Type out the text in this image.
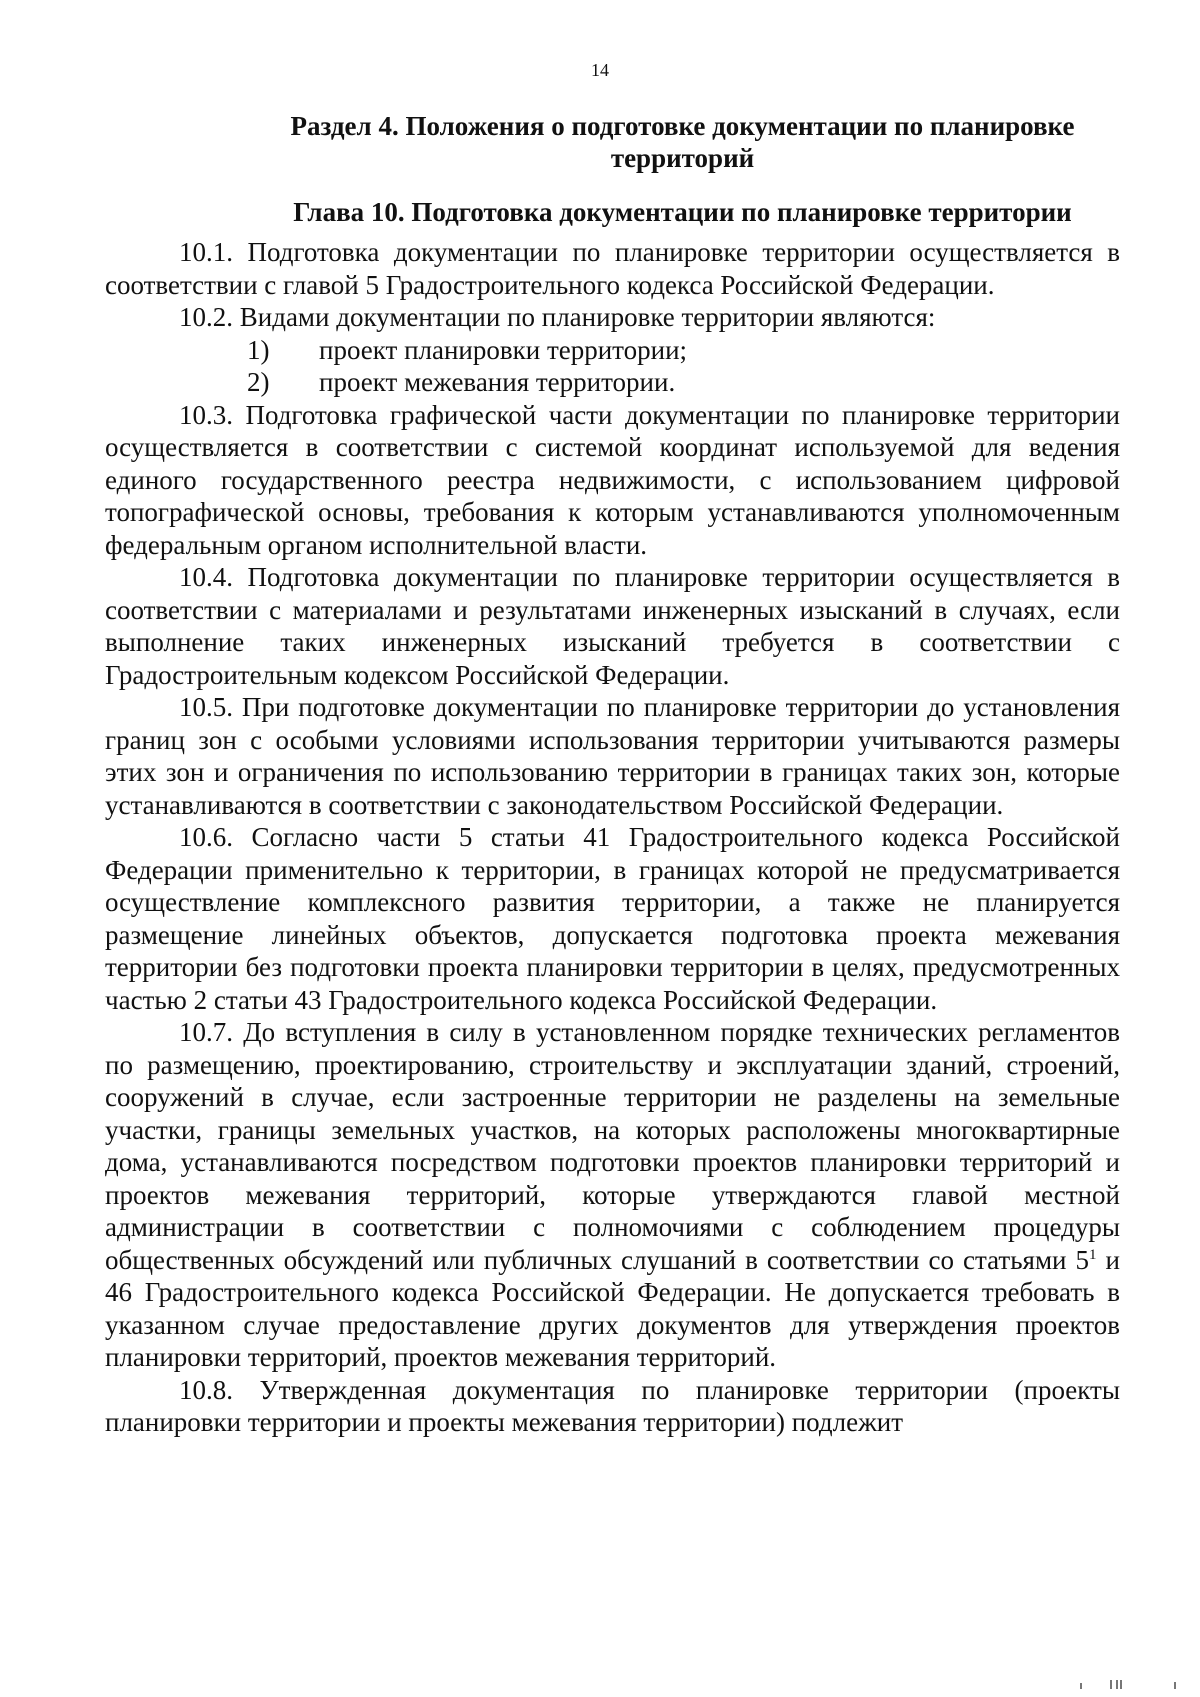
14

Раздел 4. Положения о подготовке документации по планировке территорий
Глава 10. Подготовка документации по планировке территории

10.1. Подготовка документации по планировке территории осуществляется в соответствии с главой 5 Градостроительного кодекса Российской Федерации.

10.2. Видами документации по планировке территории являются:

1)	проект планировки территории;
2)	проект межевания территории.

10.3. Подготовка графической части документации по планировке территории осуществляется в соответствии с системой координат используемой для ведения единого государственного реестра недвижимости, с использованием цифровой топографической основы, требования к которым устанавливаются уполномоченным федеральным органом исполнительной власти.

10.4. Подготовка документации по планировке территории осуществляется в соответствии с материалами и результатами инженерных изысканий в случаях, если выполнение таких инженерных изысканий требуется в соответствии с Градостроительным кодексом Российской Федерации.

10.5. При подготовке документации по планировке территории до установления границ зон с особыми условиями использования территории учитываются размеры этих зон и ограничения по использованию территории в границах таких зон, которые устанавливаются в соответствии с законодательством Российской Федерации.

10.6. Согласно части 5 статьи 41 Градостроительного кодекса Российской Федерации применительно к территории, в границах которой не предусматривается осуществление комплексного развития территории, а также не планируется размещение линейных объектов, допускается подготовка проекта межевания территории без подготовки проекта планировки территории в целях, предусмотренных частью 2 статьи 43 Градостроительного кодекса Российской Федерации.

10.7. До вступления в силу в установленном порядке технических регламентов по размещению, проектированию, строительству и эксплуатации зданий, строений, сооружений в случае, если застроенные территории не разделены на земельные участки, границы земельных участков, на которых расположены многоквартирные дома, устанавливаются посредством подготовки проектов планировки территорий и проектов межевания территорий, которые утверждаются главой местной администрации в соответствии с полномочиями с соблюдением процедуры общественных обсуждений или публичных слушаний в соответствии со статьями $5^1$ и 46 Градостроительного кодекса Российской Федерации. Не допускается требовать в указанном случае предоставление других документов для утверждения проектов планировки территорий, проектов межевания территорий.

10.8. Утвержденная документация по планировке территории (проекты планировки территории и проекты межевания территории) подлежит
